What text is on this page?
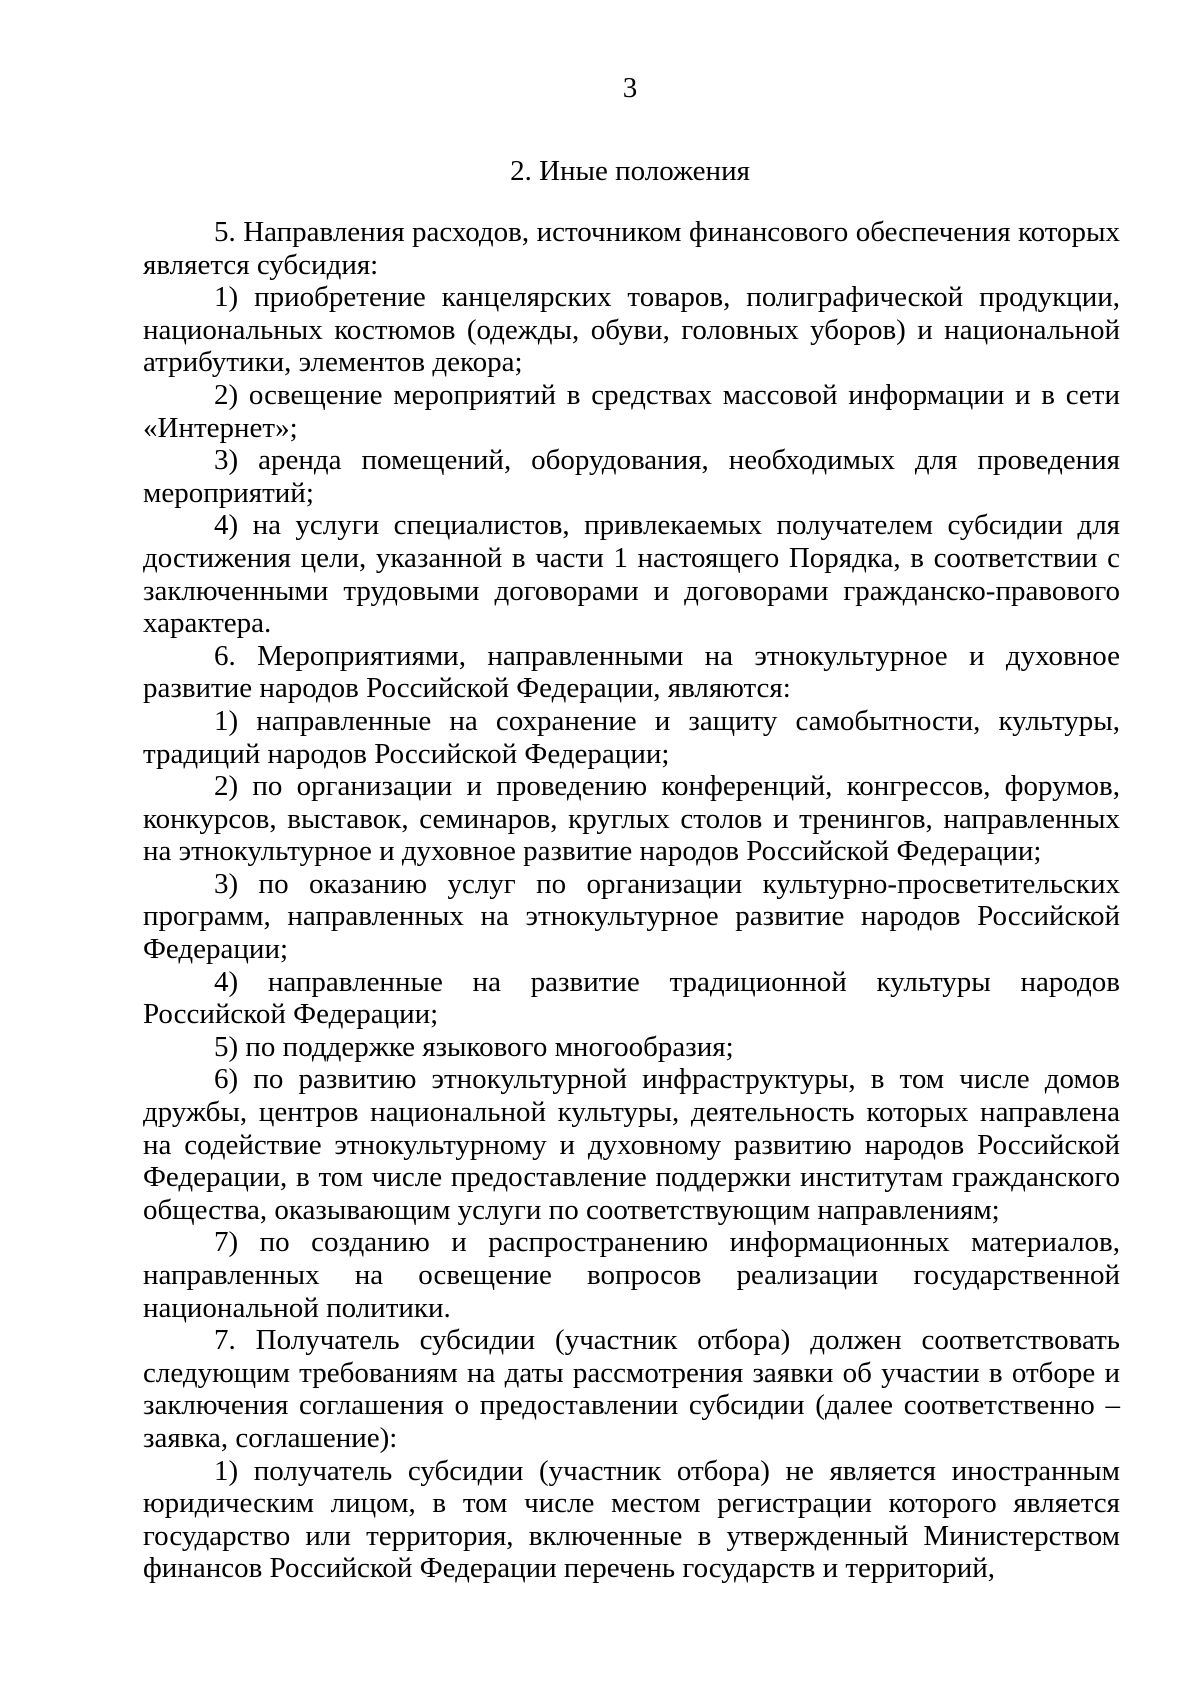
3
2. Иные положения

5. Направления расходов, источником финансового обеспечения которых является субсидия:

1) приобретение канцелярских товаров, полиграфической продукции, национальных костюмов (одежды, обуви, головных уборов) и национальной атрибутики, элементов декора;

2) освещение мероприятий в средствах массовой информации и в сети «Интернет»;

3) аренда помещений, оборудования, необходимых для проведения мероприятий;

4) на услуги специалистов, привлекаемых получателем субсидии для достижения цели, указанной в части 1 настоящего Порядка, в соответствии с заключенными трудовыми договорами и договорами гражданско-правового характера.

6. Мероприятиями, направленными на этнокультурное и духовное развитие народов Российской Федерации, являются:

1) направленные на сохранение и защиту самобытности, культуры, традиций народов Российской Федерации;

2) по организации и проведению конференций, конгрессов, форумов, конкурсов, выставок, семинаров, круглых столов и тренингов, направленных на этнокультурное и духовное развитие народов Российской Федерации;

3) по оказанию услуг по организации культурно-просветительских программ, направленных на этнокультурное развитие народов Российской Федерации;

4) направленные на развитие традиционной культуры народов Российской Федерации;

5) по поддержке языкового многообразия;

6) по развитию этнокультурной инфраструктуры, в том числе домов дружбы, центров национальной культуры, деятельность которых направлена на содействие этнокультурному и духовному развитию народов Российской Федерации, в том числе предоставление поддержки институтам гражданского общества, оказывающим услуги по соответствующим направлениям;

7) по созданию и распространению информационных материалов, направленных на освещение вопросов реализации государственной национальной политики.

7. Получатель субсидии (участник отбора) должен соответствовать следующим требованиям на даты рассмотрения заявки об участии в отборе и заключения соглашения о предоставлении субсидии (далее соответственно – заявка, соглашение):

1) получатель субсидии (участник отбора) не является иностранным юридическим лицом, в том числе местом регистрации которого является государство или территория, включенные в утвержденный Министерством финансов Российской Федерации перечень государств и территорий,
